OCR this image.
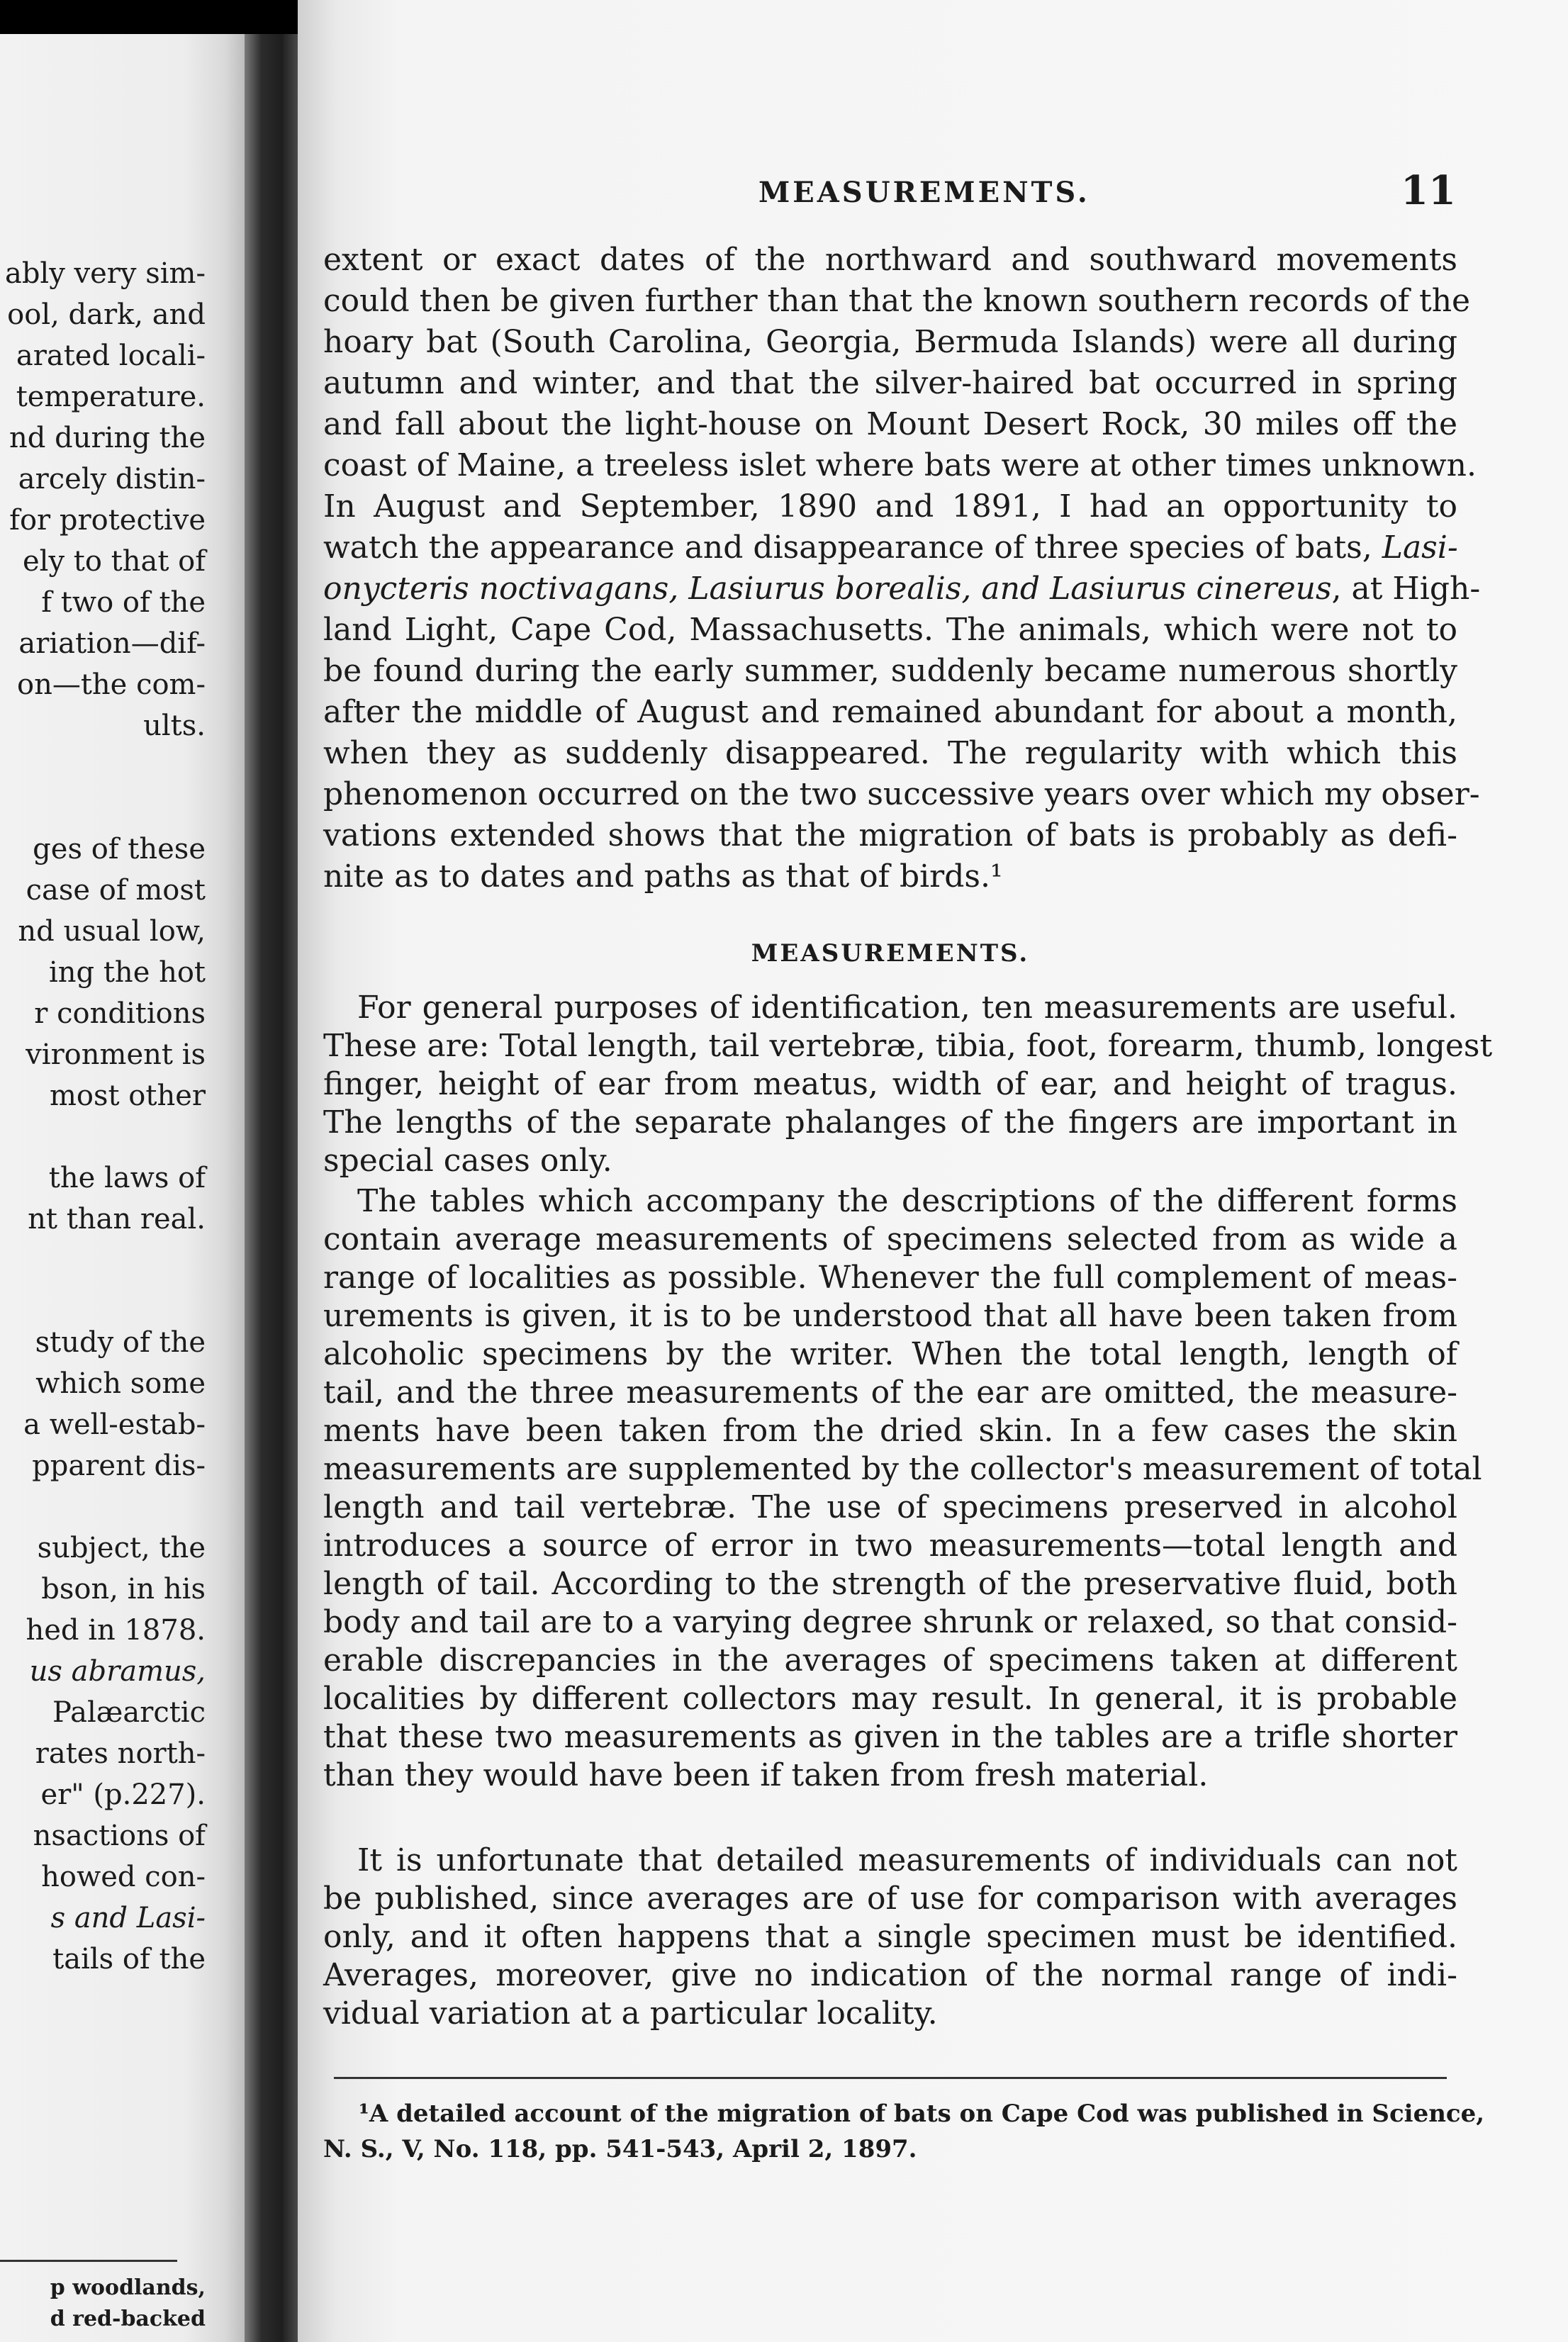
ably very sim-
ool, dark, and
arated locali-
temperature.
nd during the
arcely distin-
for protective
ely to that of
f two of the
ariation—dif-
on—the com-
ults.
ges of these
case of most
nd usual low,
ing the hot
r conditions
vironment is
most other
the laws of
nt than real.
study of the
which some
a well-estab-
pparent dis-
subject, the
bson, in his
hed in 1878.
us abramus,
Palæarctic
rates north-
er" (p.227).
nsactions of
howed con-
s and Lasi-
tails of the
p woodlands,
d red-backed
MEASUREMENTS.	11
extent or exact dates of the northward and southward movements
could then be given further than that the known southern records of the
hoary bat (South Carolina, Georgia, Bermuda Islands) were all during
autumn and winter, and that the silver-haired bat occurred in spring
and fall about the light-house on Mount Desert Rock, 30 miles off the
coast of Maine, a treeless islet where bats were at other times unknown.
In August and September, 1890 and 1891, I had an opportunity to
watch the appearance and disappearance of three species of bats, Lasi-
onycteris noctivagans, Lasiurus borealis, and Lasiurus cinereus, at High-
land Light, Cape Cod, Massachusetts. The animals, which were not to
be found during the early summer, suddenly became numerous shortly
after the middle of August and remained abundant for about a month,
when they as suddenly disappeared. The regularity with which this
phenomenon occurred on the two successive years over which my obser-
vations extended shows that the migration of bats is probably as defi-
nite as to dates and paths as that of birds.¹
MEASUREMENTS.
For general purposes of identification, ten measurements are useful.
These are: Total length, tail vertebræ, tibia, foot, forearm, thumb, longest
finger, height of ear from meatus, width of ear, and height of tragus.
The lengths of the separate phalanges of the fingers are important in
special cases only.
The tables which accompany the descriptions of the different forms
contain average measurements of specimens selected from as wide a
range of localities as possible. Whenever the full complement of meas-
urements is given, it is to be understood that all have been taken from
alcoholic specimens by the writer. When the total length, length of
tail, and the three measurements of the ear are omitted, the measure-
ments have been taken from the dried skin. In a few cases the skin
measurements are supplemented by the collector's measurement of total
length and tail vertebræ. The use of specimens preserved in alcohol
introduces a source of error in two measurements—total length and
length of tail. According to the strength of the preservative fluid, both
body and tail are to a varying degree shrunk or relaxed, so that consid-
erable discrepancies in the averages of specimens taken at different
localities by different collectors may result. In general, it is probable
that these two measurements as given in the tables are a trifle shorter
than they would have been if taken from fresh material.
It is unfortunate that detailed measurements of individuals can not
be published, since averages are of use for comparison with averages
only, and it often happens that a single specimen must be identified.
Averages, moreover, give no indication of the normal range of indi-
vidual variation at a particular locality.
¹A detailed account of the migration of bats on Cape Cod was published in Science,
N. S., V, No. 118, pp. 541-543, April 2, 1897.
